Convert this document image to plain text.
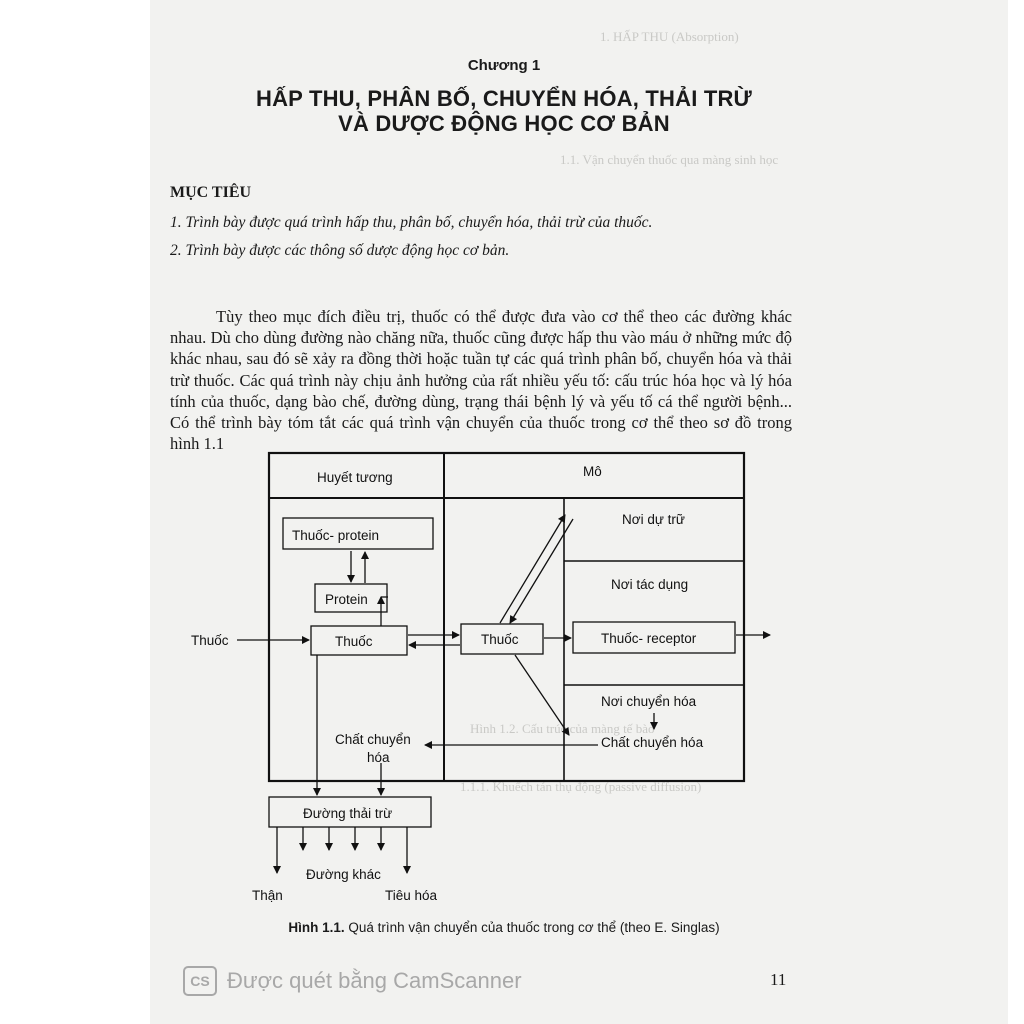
1. HẤP THU (Absorption)
1.1. Vận chuyển thuốc qua màng sinh học
1.1.1. Khuếch tán thụ động (passive diffusion)
Hình 1.2. Cấu trúc của màng tế bào
Chương 1
HẤP THU, PHÂN BỐ, CHUYỂN HÓA, THẢI TRỪ
VÀ DƯỢC ĐỘNG HỌC CƠ BẢN
MỤC TIÊU
1. Trình bày được quá trình hấp thu, phân bố, chuyển hóa, thải trừ của thuốc.
2. Trình bày được các thông số dược động học cơ bản.
Tùy theo mục đích điều trị, thuốc có thể được đưa vào cơ thể theo các đường khác nhau. Dù cho dùng đường nào chăng nữa, thuốc cũng được hấp thu vào máu ở những mức độ khác nhau, sau đó sẽ xảy ra đồng thời hoặc tuần tự các quá trình phân bố, chuyển hóa và thải trừ thuốc. Các quá trình này chịu ảnh hưởng của rất nhiều yếu tố: cấu trúc hóa học và lý hóa tính của thuốc, dạng bào chế, đường dùng, trạng thái bệnh lý và yếu tố cá thể người bệnh... Có thể trình bày tóm tắt các quá trình vận chuyển của thuốc trong cơ thể theo sơ đồ trong hình 1.1
Huyết tương	Mô
Thuốc- protein
Protein
Thuốc	Thuốc	Thuốc
Nơi dự trữ
Nơi tác dụng
Thuốc- receptor
Nơi chuyển hóa
Chất chuyển hóa
Chất chuyển
hóa
Đường thải trừ
Thận
Đường khác
Tiêu hóa
Hình 1.1. Quá trình vận chuyển của thuốc trong cơ thể (theo E. Singlas)
CS Được quét bằng CamScanner	11
